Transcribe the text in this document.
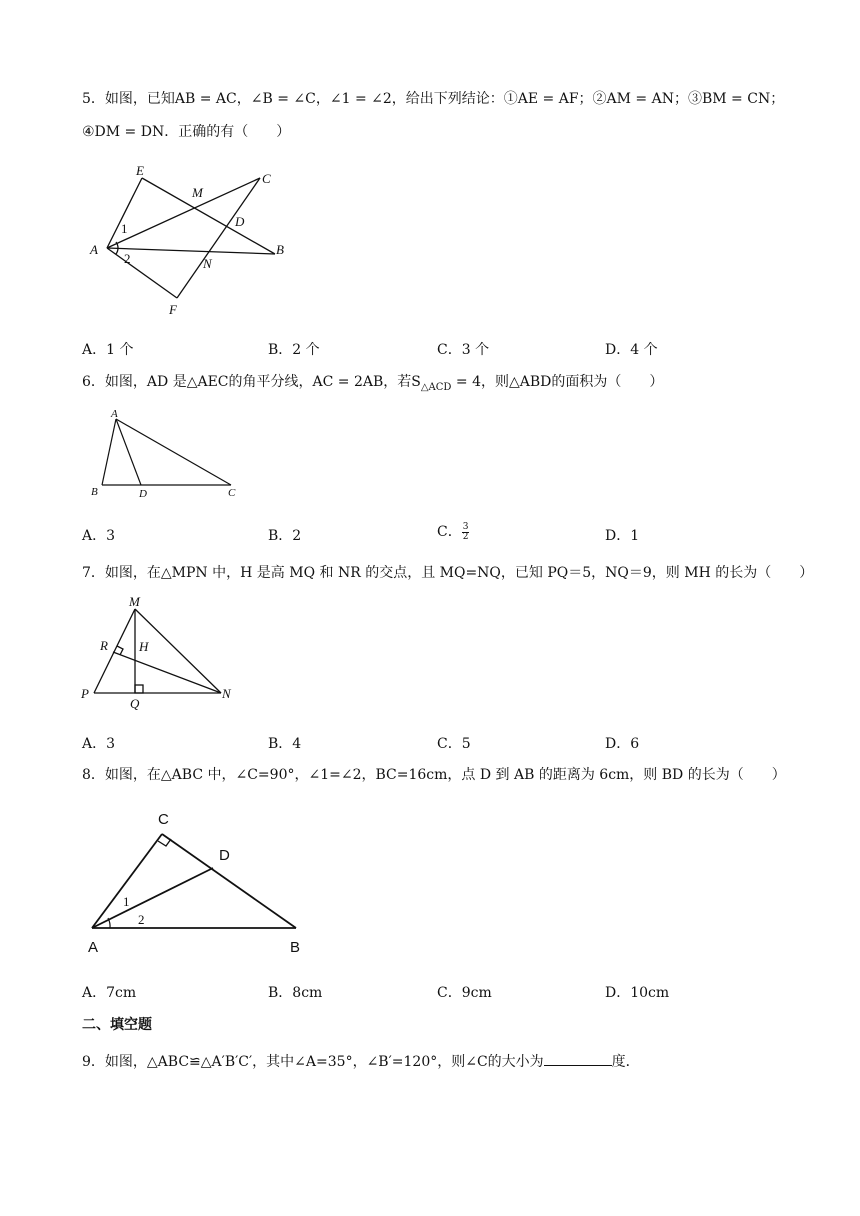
5．如图，已知AB = AC，∠B = ∠C，∠1 = ∠2，给出下列结论：①AE = AF；②AM = AN；③BM = CN；
④DM = DN．正确的有（　　）
E
C
M
D
A	B
N
F
1
2
A．1 个	B．2 个	C．3 个	D．4 个
6．如图，AD 是△AEC的角平分线，AC = 2AB，若$S_{\triangle ACD} = 4$，则△ABD的面积为（　　）
A
B	D	C
A．3	B．2	C． $\frac{3}{2}$	D．1
7．如图，在△MPN 中，H 是高 MQ 和 NR 的交点，且 MQ=NQ，已知 PQ＝5，NQ＝9，则 MH 的长为（　　）
M
R H
P
Q
N
A．3	B．4	C．5	D．6
8．如图，在△ABC 中，∠C=90°，∠1=∠2，BC=16cm，点 D 到 AB 的距离为 6cm，则 BD 的长为（　　）
C
D
A	B
1
2
A．7cm	B．8cm	C．9cm	D．10cm
二、填空题
9．如图，△ABC≌△A′B′C′，其中∠A=35°，∠B′=120°，则∠C的大小为	度．
